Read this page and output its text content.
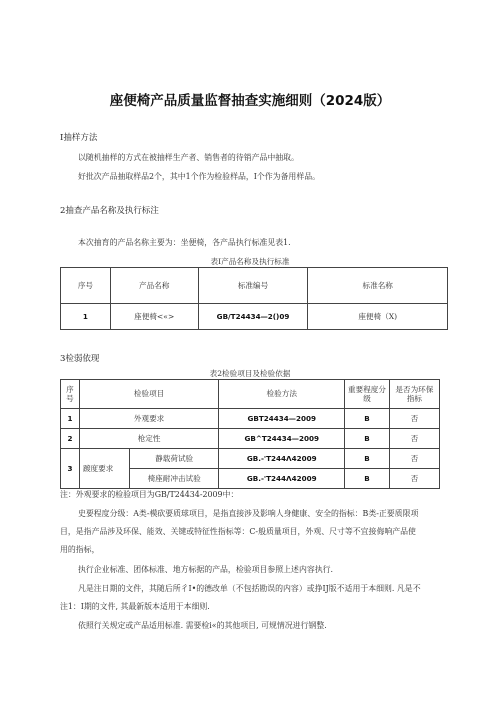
座便椅产品质量监督抽查实施细则（2024版）
I抽样方法
以随机抽样的方式在被抽样生产者、销售者的待销产品中抽取。
好批次产品抽取样品2个，其中1个作为检验样品，I个作为备用样品。
2抽查产品名称及执行标注
本次抽育的产品名称主要为：坐便椅，各产品执行标准见表1.
表I产品名称及执行标准
序号	产品名称	标准编号	标准名称
1	座便椅<«>	GB/T24434—2()09	座便椅（X)
3检弱依现
表2检验项目及检验依据
序号	检验项目		检验方法	重要程度分级	是否为环保指标
1	外观要求		GBT24434—2009	B	否
2	枪定性		GB^T24434—2009	B	否
3	踱度要求	静载荷试验	GB.-'T244Λ42009	B	否
		椅座耐冲击试验	GB.-'T244Λ42009	B	否
注：外观要求的检验项目为GB/T24434-2009中：
史要程度分级：A类-模砍要质球项目，是指直接涉及影响人身健康、安全的指标：B类-正要质限项
目，是指产品涉及环保、能效、关键或特征性指标等：C-般质量项目，外观、尺寸等不宜接侮响产品使
用的指标，
执行企业标准、团体标准、地方标据的产品，检验项目参照上述内容执行.
凡是注日期的文件，其随后所彳I•的德改单（不包括勘误的内容）或挣IJ版不适用于本细则. 凡是不
注1：I期的文件, 其最新版本适用于本细则.
依照行关规定或产品适用标准. 需要检i«的其他项目, 可规情况进行钢整.
